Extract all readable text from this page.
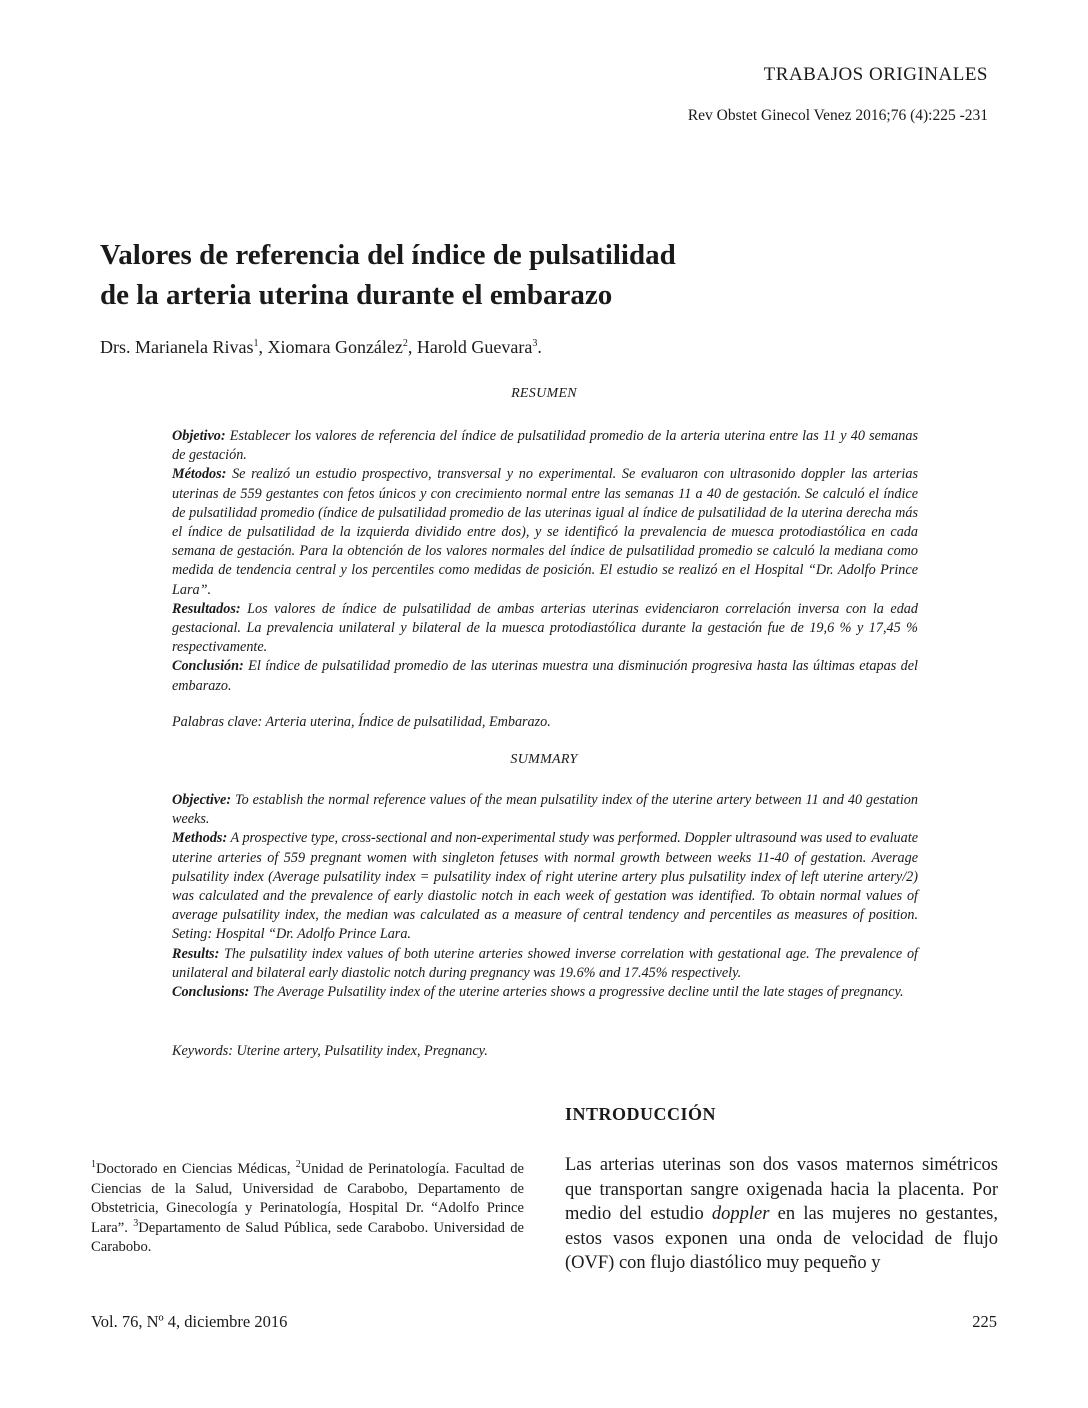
TRABAJOS ORIGINALES
Rev Obstet Ginecol Venez 2016;76 (4):225 -231
Valores de referencia del índice de pulsatilidad
de la arteria uterina durante el embarazo
Drs. Marianela Rivas$^1$, Xiomara González$^2$, Harold Guevara$^3$.
RESUMEN

Objetivo: Establecer los valores de referencia del índice de pulsatilidad promedio de la arteria uterina entre las 11 y 40 semanas de gestación.

Métodos: Se realizó un estudio prospectivo, transversal y no experimental. Se evaluaron con ultrasonido doppler las arterias uterinas de 559 gestantes con fetos únicos y con crecimiento normal entre las semanas 11 a 40 de gestación. Se calculó el índice de pulsatilidad promedio (índice de pulsatilidad promedio de las uterinas igual al índice de pulsatilidad de la uterina derecha más el índice de pulsatilidad de la izquierda dividido entre dos), y se identificó la prevalencia de muesca protodiastólica en cada semana de gestación. Para la obtención de los valores normales del índice de pulsatilidad promedio se calculó la mediana como medida de tendencia central y los percentiles como medidas de posición. El estudio se realizó en el Hospital “Dr. Adolfo Prince Lara”.

Resultados: Los valores de índice de pulsatilidad de ambas arterias uterinas evidenciaron correlación inversa con la edad gestacional. La prevalencia unilateral y bilateral de la muesca protodiastólica durante la gestación fue de 19,6 % y 17,45 % respectivamente.

Conclusión: El índice de pulsatilidad promedio de las uterinas muestra una disminución progresiva hasta las últimas etapas del embarazo.

Palabras clave: Arteria uterina, Índice de pulsatilidad, Embarazo.
SUMMARY

Objective: To establish the normal reference values of the mean pulsatility index of the uterine artery between 11 and 40 gestation weeks.

Methods: A prospective type, cross-sectional and non-experimental study was performed. Doppler ultrasound was used to evaluate uterine arteries of 559 pregnant women with singleton fetuses with normal growth between weeks 11-40 of gestation. Average pulsatility index (Average pulsatility index = pulsatility index of right uterine artery plus pulsatility index of left uterine artery/2) was calculated and the prevalence of early diastolic notch in each week of gestation was identified. To obtain normal values of average pulsatility index, the median was calculated as a measure of central tendency and percentiles as measures of position. Seting: Hospital “Dr. Adolfo Prince Lara.

Results: The pulsatility index values of both uterine arteries showed inverse correlation with gestational age. The prevalence of unilateral and bilateral early diastolic notch during pregnancy was 19.6% and 17.45% respectively.

Conclusions: The Average Pulsatility index of the uterine arteries shows a progressive decline until the late stages of pregnancy.

Keywords: Uterine artery, Pulsatility index, Pregnancy.
INTRODUCCIÓN

$^1$Doctorado en Ciencias Médicas, $^2$Unidad de Perinatología. Facultad de Ciencias de la Salud, Universidad de Carabobo, Departamento de Obstetricia, Ginecología y Perinatología, Hospital Dr. “Adolfo Prince Lara”. $^3$Departamento de Salud Pública, sede Carabobo. Universidad de Carabobo.

Las arterias uterinas son dos vasos maternos simétricos que transportan sangre oxigenada hacia la placenta. Por medio del estudio doppler en las mujeres no gestantes, estos vasos exponen una onda de velocidad de flujo (OVF) con flujo diastólico muy pequeño y

Vol. 76, Nº 4, diciembre 2016	225
